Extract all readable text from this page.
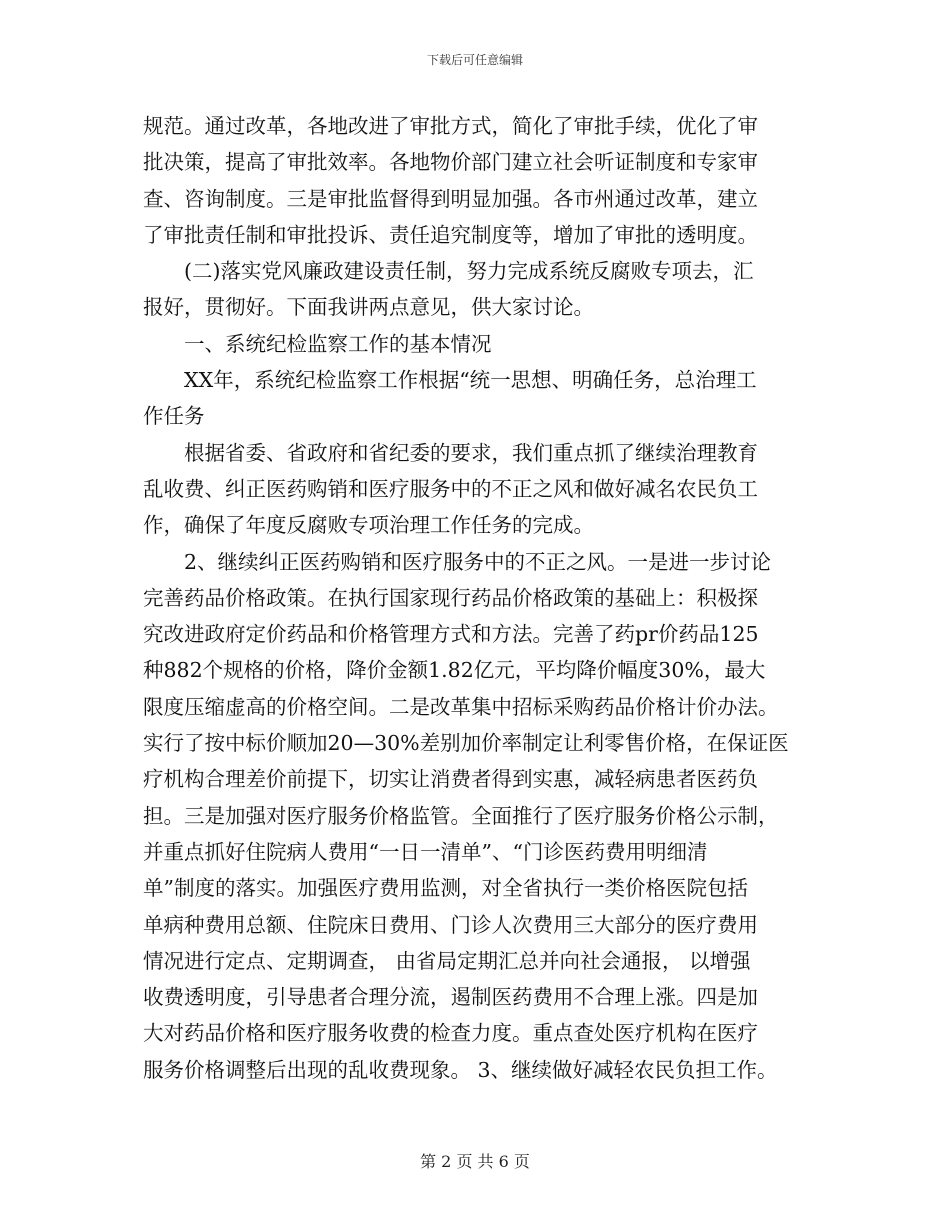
下载后可任意编辑
规范。通过改革，各地改进了审批方式，简化了审批手续，优化了审
批决策，提高了审批效率。各地物价部门建立社会听证制度和专家审
查、咨询制度。三是审批监督得到明显加强。各市州通过改革，建立
了审批责任制和审批投诉、责任追究制度等，增加了审批的透明度。
(二)落实党风廉政建设责任制，努力完成系统反腐败专项去，汇
报好，贯彻好。下面我讲两点意见，供大家讨论。
一、系统纪检监察工作的基本情况
XX年，系统纪检监察工作根据“统一思想、明确任务，总治理工
作任务
根据省委、省政府和省纪委的要求，我们重点抓了继续治理教育
乱收费、纠正医药购销和医疗服务中的不正之风和做好减名农民负工
作，确保了年度反腐败专项治理工作任务的完成。
2、继续纠正医药购销和医疗服务中的不正之风。一是进一步讨论
完善药品价格政策。在执行国家现行药品价格政策的基础上：积极探
究改进政府定价药品和价格管理方式和方法。完善了药pr价药品125
种882个规格的价格，降价金额1.82亿元，平均降价幅度30%，最大
限度压缩虚高的价格空间。二是改革集中招标采购药品价格计价办法。
实行了按中标价顺加20—30%差别加价率制定让利零售价格，在保证医
疗机构合理差价前提下，切实让消费者得到实惠，减轻病患者医药负
担。三是加强对医疗服务价格监管。全面推行了医疗服务价格公示制，
并重点抓好住院病人费用“一日一清单”、“门诊医药费用明细清
单”制度的落实。加强医疗费用监测，对全省执行一类价格医院包括
单病种费用总额、住院床日费用、门诊人次费用三大部分的医疗费用
情况进行定点、定期调查， 由省局定期汇总并向社会通报， 以增强
收费透明度，引导患者合理分流，遏制医药费用不合理上涨。四是加
大对药品价格和医疗服务收费的检查力度。重点查处医疗机构在医疗
服务价格调整后出现的乱收费现象。 3、继续做好减轻农民负担工作。
第 2 页 共 6 页
